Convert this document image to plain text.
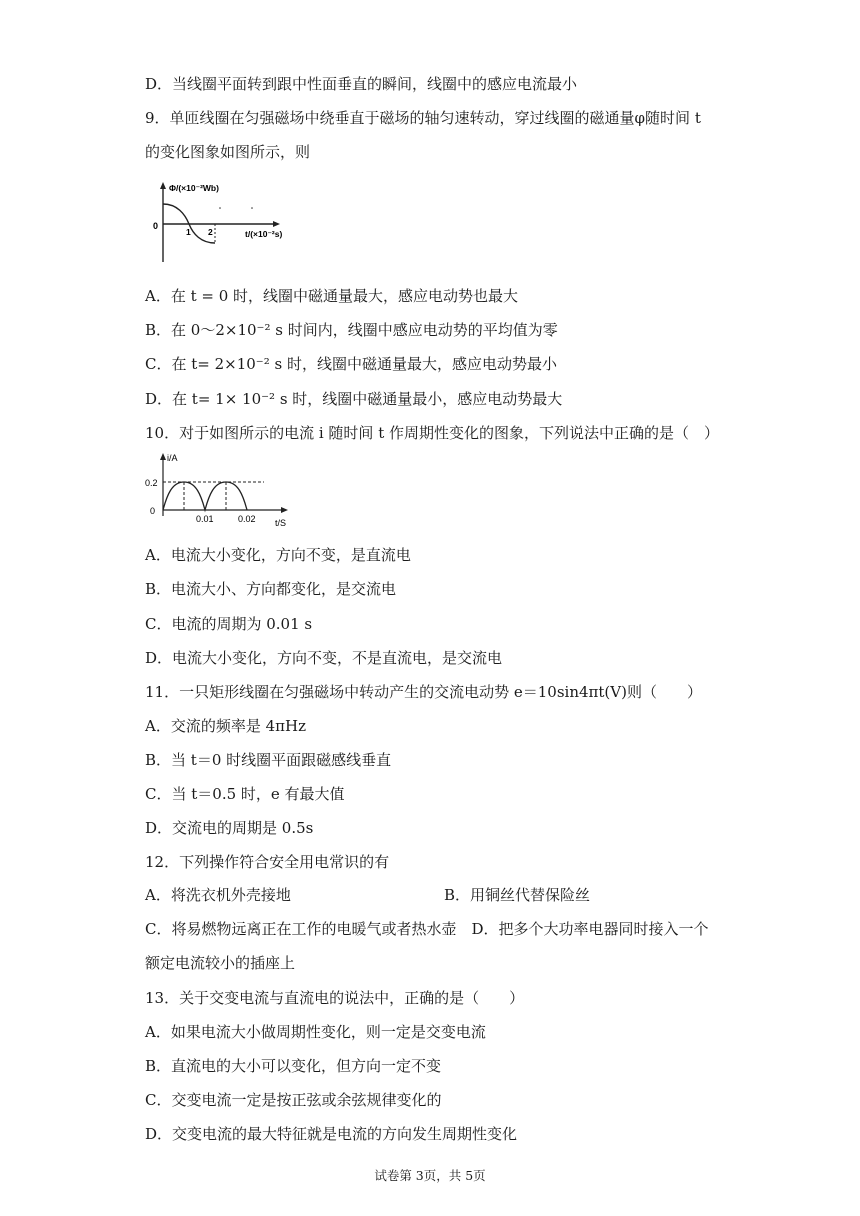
D．当线圈平面转到跟中性面垂直的瞬间，线圈中的感应电流最小
9．单匝线圈在匀强磁场中绕垂直于磁场的轴匀速转动，穿过线圈的磁通量φ随时间 t
的变化图象如图所示，则
Φ/(×10⁻²Wb)
0
1 2	t/(×10⁻²s)
A．在 t = 0 时，线圈中磁通量最大，感应电动势也最大
B．在 0～2×10⁻² s 时间内，线圈中感应电动势的平均值为零
C．在 t= 2×10⁻² s 时，线圈中磁通量最大，感应电动势最小
D．在 t= 1× 10⁻² s 时，线圈中磁通量最小，感应电动势最大
10．对于如图所示的电流 i 随时间 t 作周期性变化的图象，下列说法中正确的是（　）
i/A
0.2
0
0.01	0.02 t/S
A．电流大小变化，方向不变，是直流电
B．电流大小、方向都变化，是交流电
C．电流的周期为 0.01 s
D．电流大小变化，方向不变，不是直流电，是交流电
11．一只矩形线圈在匀强磁场中转动产生的交流电动势 e＝10sin4πt(V)则（　　）
A．交流的频率是 4πHz
B．当 t＝0 时线圈平面跟磁感线垂直
C．当 t＝0.5 时，e 有最大值
D．交流电的周期是 0.5s
12．下列操作符合安全用电常识的有
A．将洗衣机外壳接地	B．用铜丝代替保险丝
C．将易燃物远离正在工作的电暖气或者热水壶　D．把多个大功率电器同时接入一个
额定电流较小的插座上
13．关于交变电流与直流电的说法中，正确的是（　　）
A．如果电流大小做周期性变化，则一定是交变电流
B．直流电的大小可以变化，但方向一定不变
C．交变电流一定是按正弦或余弦规律变化的
D．交变电流的最大特征就是电流的方向发生周期性变化
试卷第 3页，共 5页
